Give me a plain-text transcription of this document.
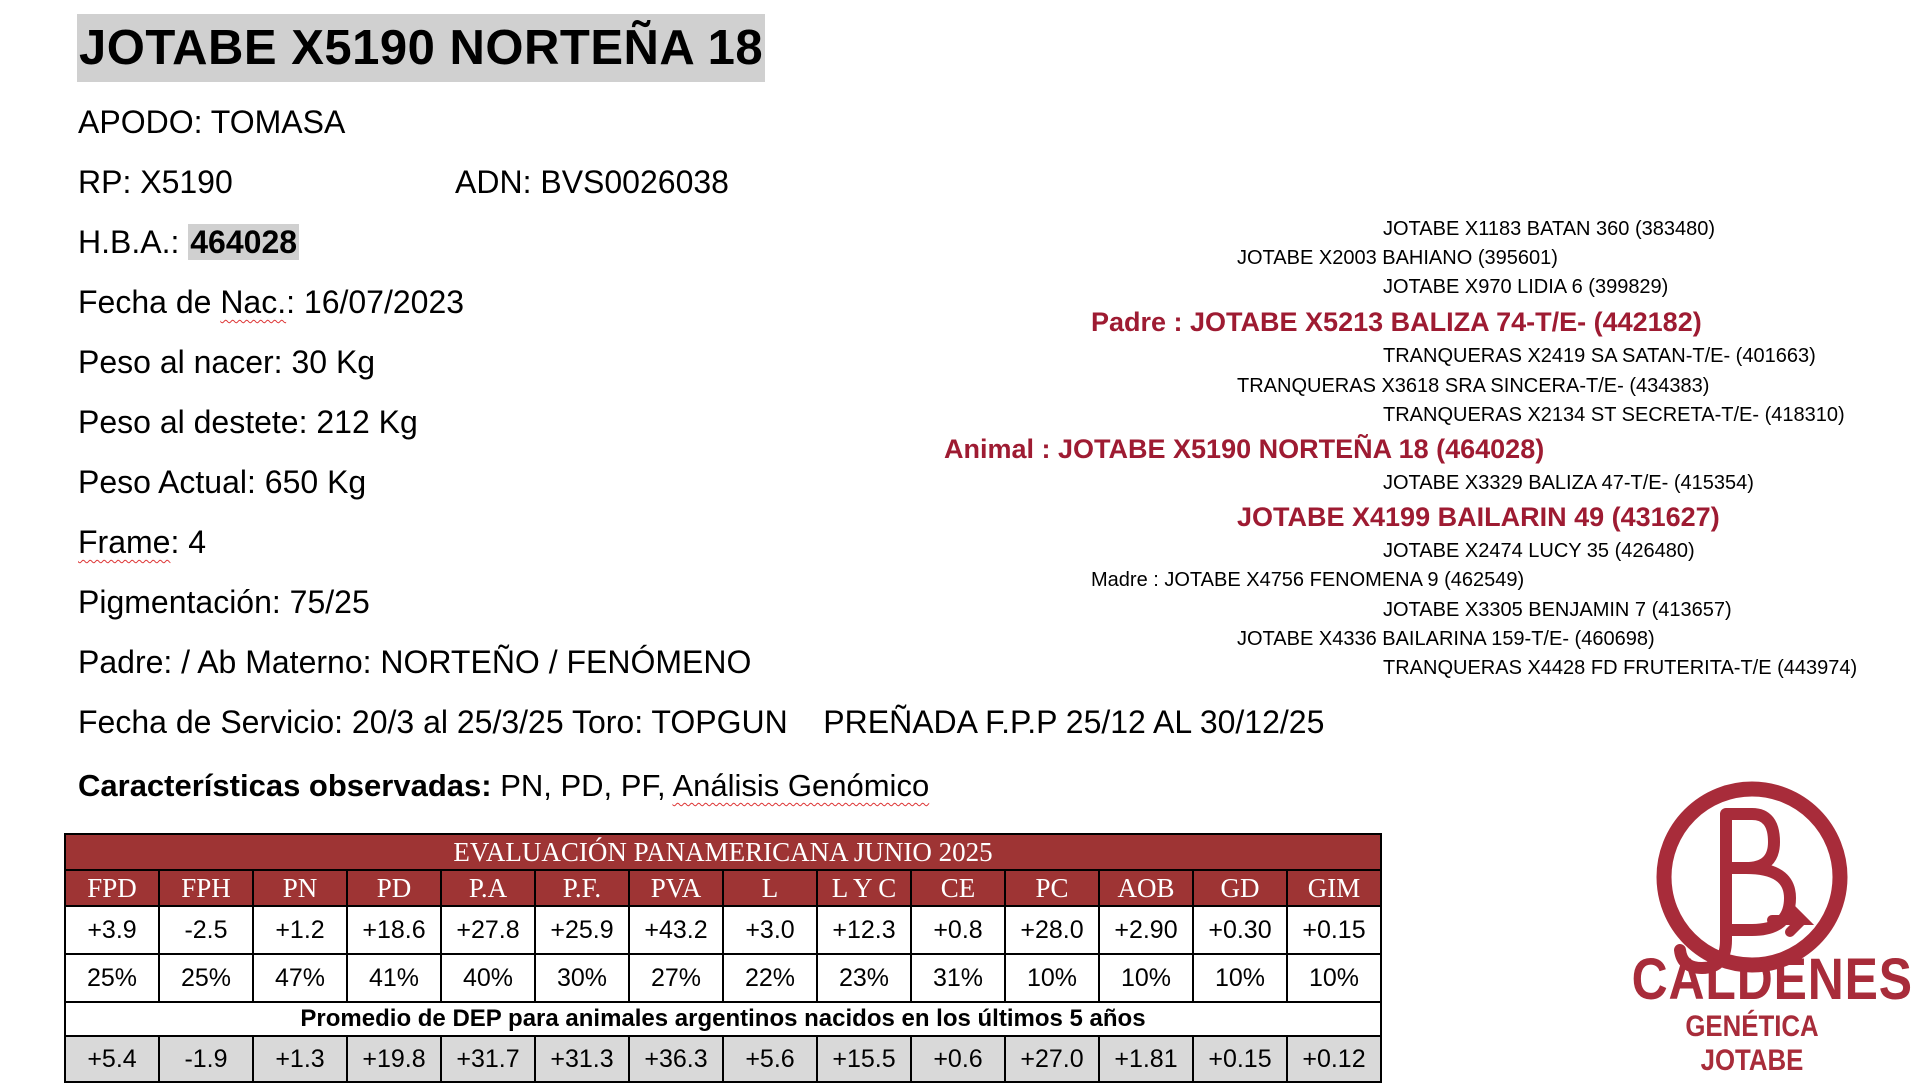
JOTABE X5190 NORTEÑA 18
APODO: TOMASA
RP: X5190	ADN: BVS0026038
H.B.A.: 464028
Fecha de Nac.: 16/07/2023
Peso al nacer: 30 Kg
Peso al destete: 212 Kg
Peso Actual: 650 Kg
Frame: 4
Pigmentación: 75/25
Padre: / Ab Materno: NORTEÑO / FENÓMENO
Fecha de Servicio: 20/3 al 25/3/25 Toro: TOPGUN    PREÑADA F.P.P 25/12 AL 30/12/25
JOTABE X1183 BATAN 360 (383480)
JOTABE X2003 BAHIANO (395601)
JOTABE X970 LIDIA 6 (399829)
Padre : JOTABE X5213 BALIZA 74-T/E- (442182)
TRANQUERAS X2419 SA SATAN-T/E- (401663)
TRANQUERAS X3618 SRA SINCERA-T/E- (434383)
TRANQUERAS X2134 ST SECRETA-T/E- (418310)
Animal : JOTABE X5190 NORTEÑA 18 (464028)
JOTABE X3329 BALIZA 47-T/E- (415354)
JOTABE X4199 BAILARIN 49 (431627)
JOTABE X2474 LUCY 35 (426480)
Madre : JOTABE X4756 FENOMENA 9 (462549)
JOTABE X3305 BENJAMIN 7 (413657)
JOTABE X4336 BAILARINA 159-T/E- (460698)
TRANQUERAS X4428 FD FRUTERITA-T/E (443974)
Características observadas: PN, PD, PF, Análisis Genómico
EVALUACIÓN PANAMERICANA JUNIO 2025													
FPD	FPH	PN	PD	P.A	P.F.	PVA	L	L Y C	CE	PC	AOB	GD	GIM
+3.9	-2.5	+1.2	+18.6	+27.8	+25.9	+43.2	+3.0	+12.3	+0.8	+28.0	+2.90	+0.30	+0.15
25%	25%	47%	41%	40%	30%	27%	22%	23%	31%	10%	10%	10%	10%
Promedio de DEP para animales argentinos nacidos en los últimos 5 años													
+5.4	-1.9	+1.3	+19.8	+31.7	+31.3	+36.3	+5.6	+15.5	+0.6	+27.0	+1.81	+0.15	+0.12
CALDENES
GENÉTICA JOTABE
